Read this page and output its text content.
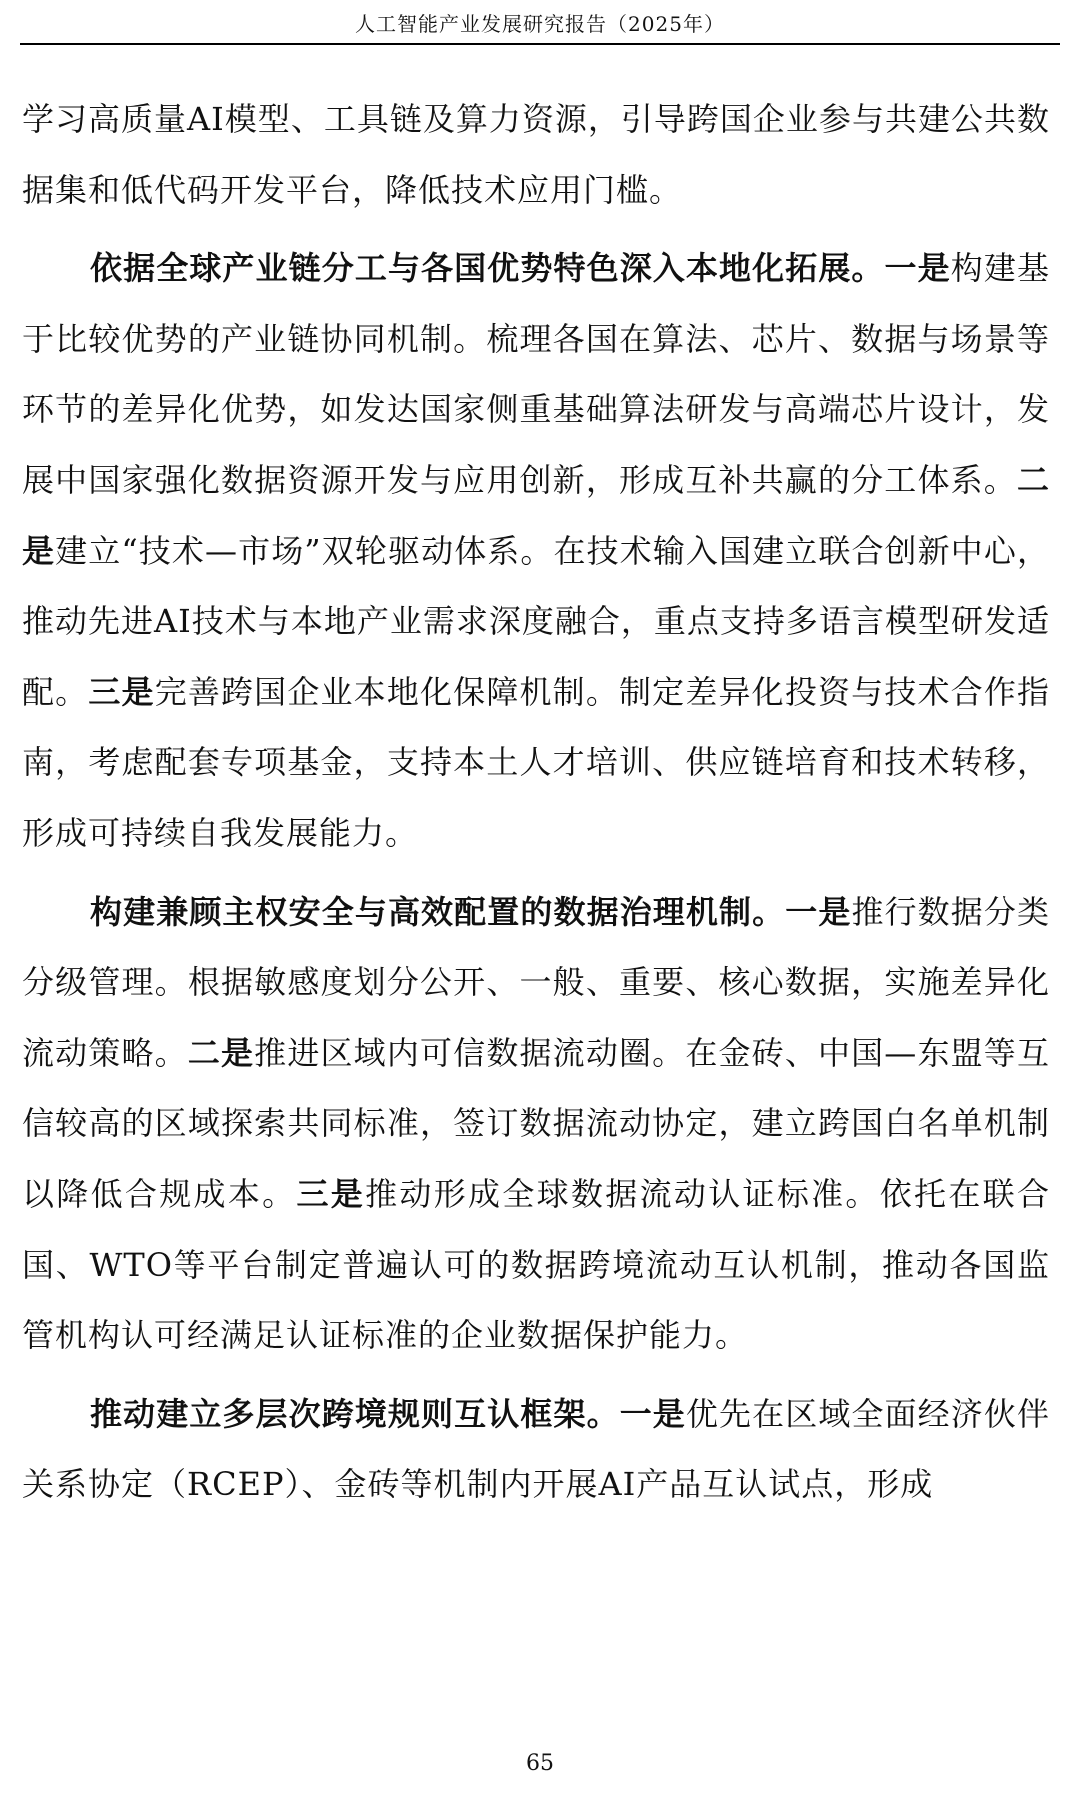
人工智能产业发展研究报告（2025年）

学习高质量AI模型、工具链及算力资源，引导跨国企业参与共建公共数据集和低代码开发平台，降低技术应用门槛。

依据全球产业链分工与各国优势特色深入本地化拓展。一是构建基于比较优势的产业链协同机制。梳理各国在算法、芯片、数据与场景等环节的差异化优势，如发达国家侧重基础算法研发与高端芯片设计，发展中国家强化数据资源开发与应用创新，形成互补共赢的分工体系。二是建立“技术—市场”双轮驱动体系。在技术输入国建立联合创新中心，推动先进AI技术与本地产业需求深度融合，重点支持多语言模型研发适配。三是完善跨国企业本地化保障机制。制定差异化投资与技术合作指南，考虑配套专项基金，支持本土人才培训、供应链培育和技术转移，形成可持续自我发展能力。

构建兼顾主权安全与高效配置的数据治理机制。一是推行数据分类分级管理。根据敏感度划分公开、一般、重要、核心数据，实施差异化流动策略。二是推进区域内可信数据流动圈。在金砖、中国—东盟等互信较高的区域探索共同标准，签订数据流动协定，建立跨国白名单机制以降低合规成本。三是推动形成全球数据流动认证标准。依托在联合国、WTO等平台制定普遍认可的数据跨境流动互认机制，推动各国监管机构认可经满足认证标准的企业数据保护能力。

推动建立多层次跨境规则互认框架。一是优先在区域全面经济伙伴关系协定（RCEP）、金砖等机制内开展AI产品互认试点，形成

65
